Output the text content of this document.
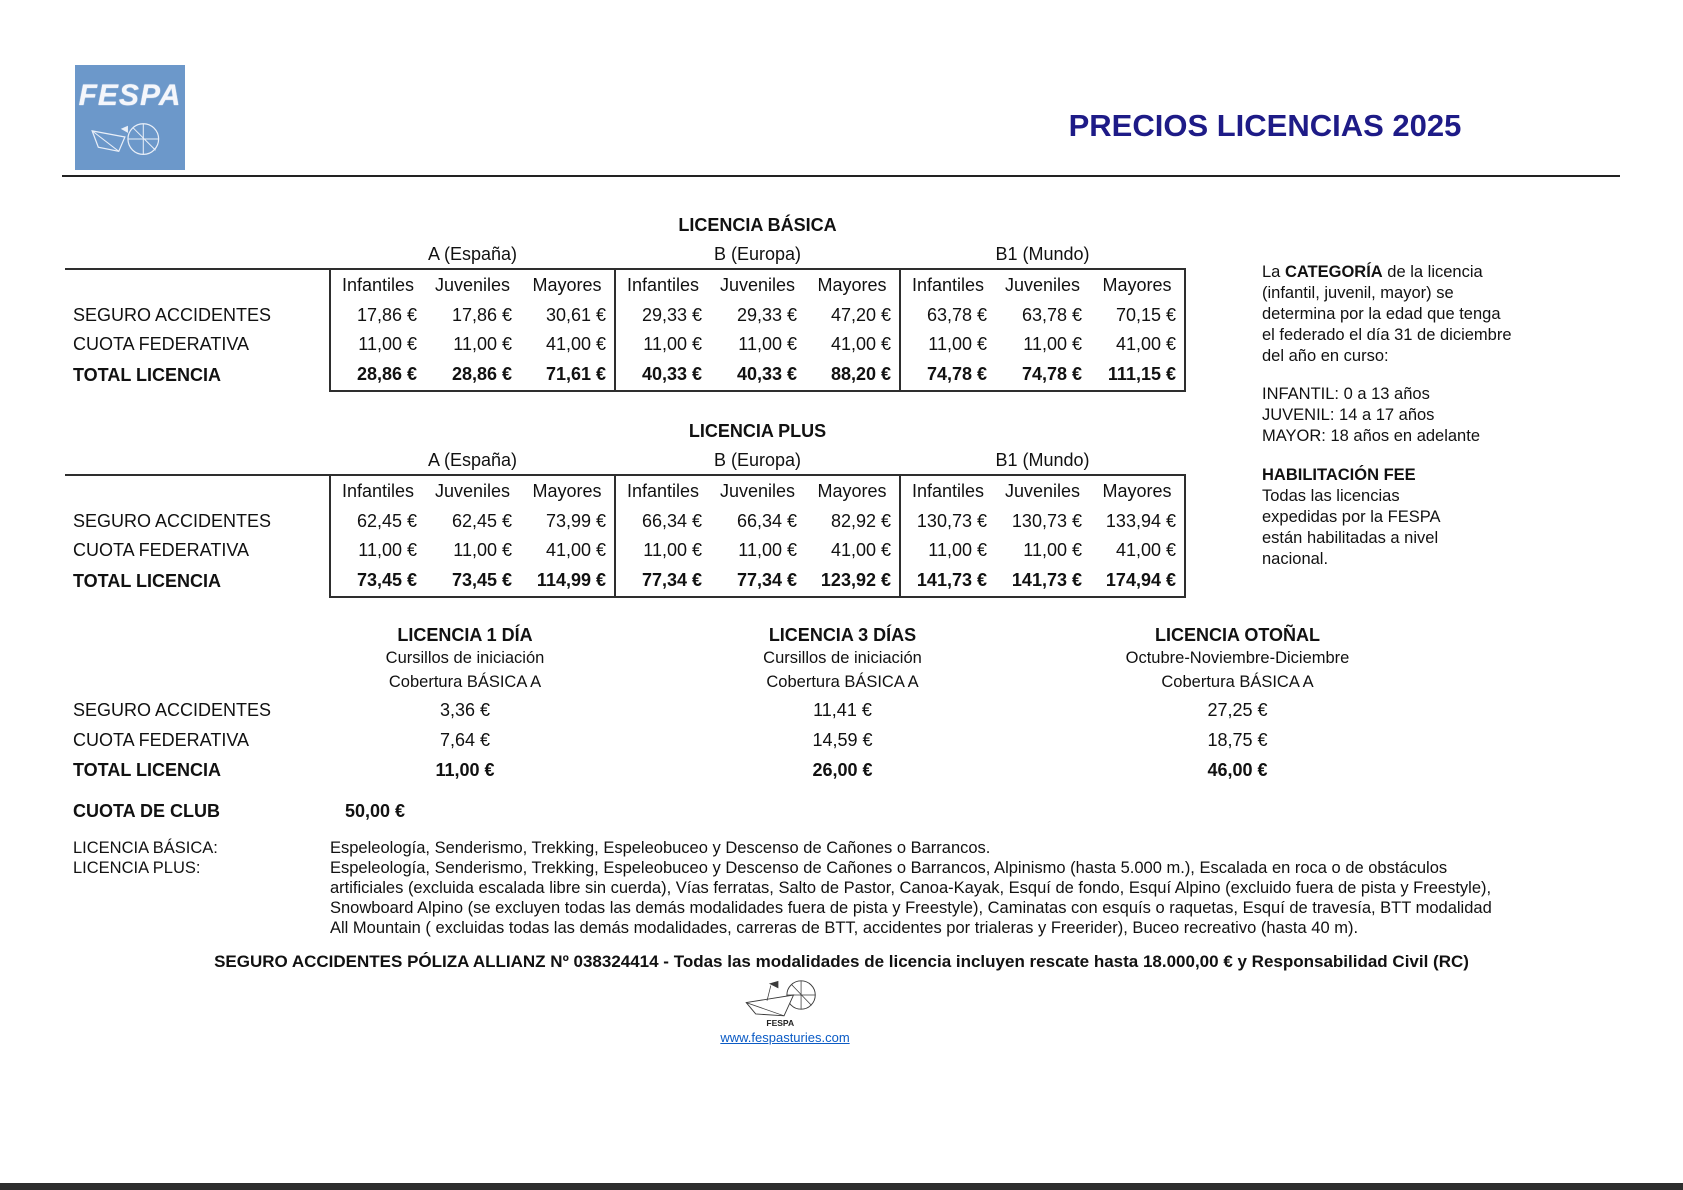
FESPA
PRECIOS LICENCIAS 2025
LICENCIA BÁSICA
	A (España)			B (Europa)			B1 (Mundo)		
	Infantiles	Juveniles	Mayores	Infantiles	Juveniles	Mayores	Infantiles	Juveniles	Mayores
SEGURO ACCIDENTES	17,86 €	17,86 €	30,61 €	29,33 €	29,33 €	47,20 €	63,78 €	63,78 €	70,15 €
CUOTA FEDERATIVA	11,00 €	11,00 €	41,00 €	11,00 €	11,00 €	41,00 €	11,00 €	11,00 €	41,00 €
TOTAL LICENCIA	28,86 €	28,86 €	71,61 €	40,33 €	40,33 €	88,20 €	74,78 €	74,78 €	111,15 €

La CATEGORÍA de la licencia (infantil, juvenil, mayor) se determina por la edad que tenga el federado el día 31 de diciembre del año en curso:

INFANTIL: 0 a 13 años
JUVENIL: 14 a 17 años
MAYOR: 18 años en adelante

HABILITACIÓN FEE

Todas las licencias expedidas por la FESPA están habilitadas a nivel nacional.

LICENCIA PLUS
	A (España)			B (Europa)			B1 (Mundo)		
	Infantiles	Juveniles	Mayores	Infantiles	Juveniles	Mayores	Infantiles	Juveniles	Mayores
SEGURO ACCIDENTES	62,45 €	62,45 €	73,99 €	66,34 €	66,34 €	82,92 €	130,73 €	130,73 €	133,94 €
CUOTA FEDERATIVA	11,00 €	11,00 €	41,00 €	11,00 €	11,00 €	41,00 €	11,00 €	11,00 €	41,00 €
TOTAL LICENCIA	73,45 €	73,45 €	114,99 €	77,34 €	77,34 €	123,92 €	141,73 €	141,73 €	174,94 €
LICENCIA 1 DÍA	LICENCIA 3 DÍAS	LICENCIA OTOÑAL
Cursillos de iniciación	Cursillos de iniciación	Octubre-Noviembre-Diciembre
Cobertura BÁSICA A	Cobertura BÁSICA A	Cobertura BÁSICA A
SEGURO ACCIDENTES	3,36 €	11,41 €	27,25 €
CUOTA FEDERATIVA	7,64 €	14,59 €	18,75 €
TOTAL LICENCIA	11,00 €	26,00 €	46,00 €
CUOTA DE CLUB	50,00 €
LICENCIA BÁSICA:	Espeleología, Senderismo, Trekking, Espeleobuceo y Descenso de Cañones o Barrancos.
LICENCIA PLUS:	Espeleología, Senderismo, Trekking, Espeleobuceo y Descenso de Cañones o Barrancos, Alpinismo (hasta 5.000 m.), Escalada en roca o de obstáculos artificiales (excluida escalada libre sin cuerda), Vías ferratas, Salto de Pastor, Canoa-Kayak, Esquí de fondo, Esquí Alpino (excluido fuera de pista y Freestyle), Snowboard Alpino (se excluyen todas las demás modalidades fuera de pista y Freestyle), Caminatas con esquís o raquetas, Esquí de travesía, BTT modalidad All Mountain ( excluidas todas las demás modalidades, carreras de BTT, accidentes por trialeras y Freerider), Buceo recreativo (hasta 40 m).
SEGURO ACCIDENTES PÓLIZA ALLIANZ Nº 038324414 - Todas las modalidades de licencia incluyen rescate hasta 18.000,00 € y Responsabilidad Civil (RC)
FESPA
www.fespasturies.com
